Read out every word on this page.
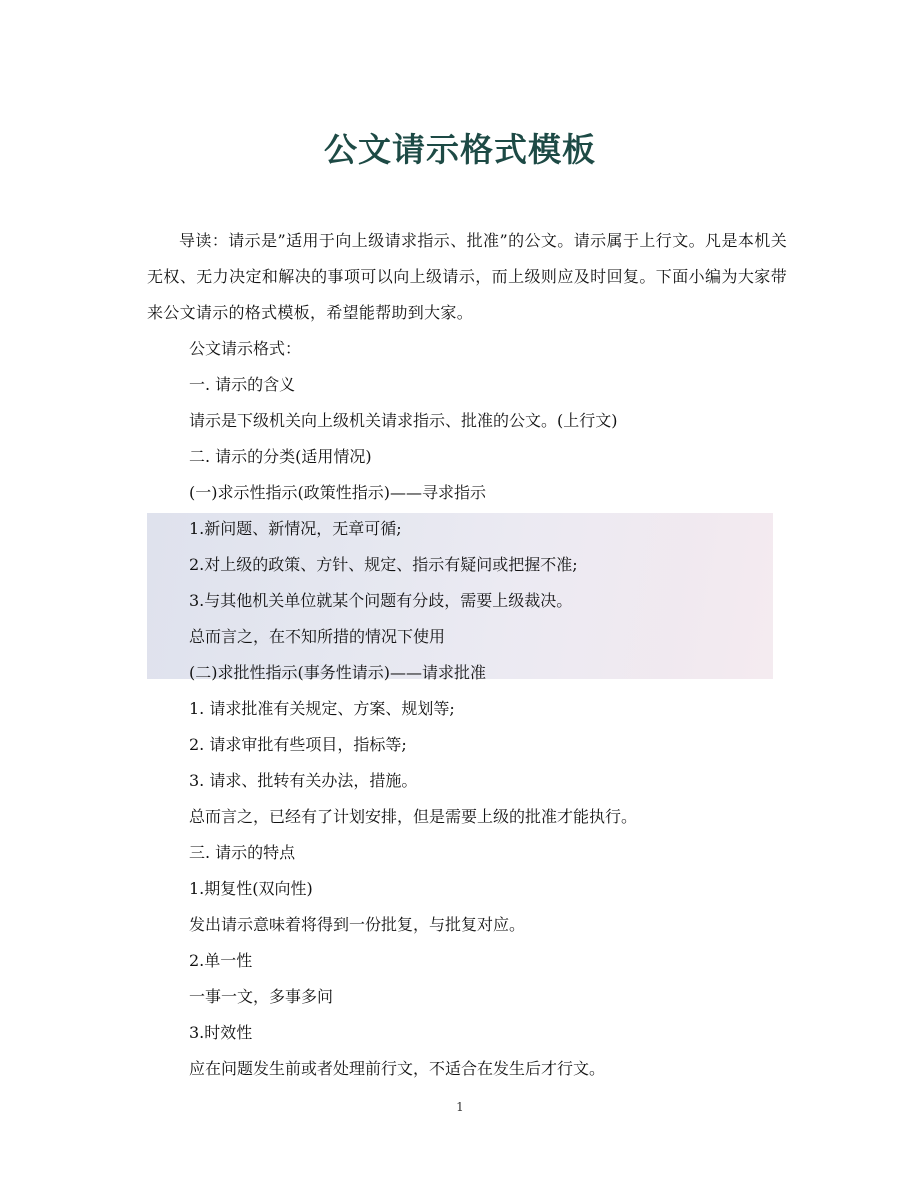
公文请示格式模板

导读：请示是”适用于向上级请求指示、批准”的公文。请示属于上行文。凡是本机关无权、无力决定和解决的事项可以向上级请示，而上级则应及时回复。下面小编为大家带来公文请示的格式模板，希望能帮助到大家。

公文请示格式：

一. 请示的含义

请示是下级机关向上级机关请求指示、批准的公文。(上行文)

二. 请示的分类(适用情况)

(一)求示性指示(政策性指示)——寻求指示

1.新问题、新情况，无章可循;

2.对上级的政策、方针、规定、指示有疑问或把握不准;

3.与其他机关单位就某个问题有分歧，需要上级裁决。

总而言之，在不知所措的情况下使用

(二)求批性指示(事务性请示)——请求批准

1. 请求批准有关规定、方案、规划等;

2. 请求审批有些项目，指标等;

3. 请求、批转有关办法，措施。

总而言之，已经有了计划安排，但是需要上级的批准才能执行。

三. 请示的特点

1.期复性(双向性)

发出请示意味着将得到一份批复，与批复对应。

2.单一性

一事一文，多事多问

3.时效性

应在问题发生前或者处理前行文，不适合在发生后才行文。

1
